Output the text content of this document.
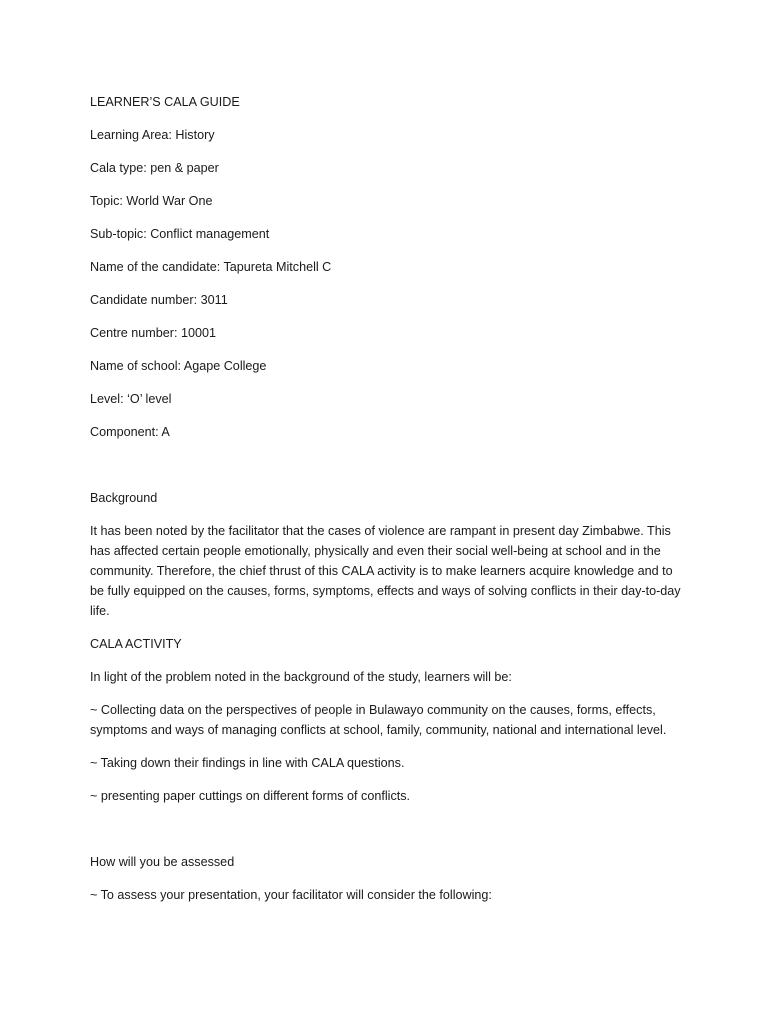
LEARNER’S CALA GUIDE
Learning Area: History
Cala type: pen & paper
Topic: World War One
Sub-topic: Conflict management
Name of the candidate: Tapureta Mitchell C
Candidate number: 3011
Centre number: 10001
Name of school: Agape College
Level: ‘O’ level
Component: A
Background
It has been noted by the facilitator that the cases of violence are rampant in present day Zimbabwe. This has affected certain people emotionally, physically and even their social well-being at school and in the community. Therefore, the chief thrust of this CALA activity is to make learners acquire knowledge and to be fully equipped on the causes, forms, symptoms, effects and ways of solving conflicts in their day-to-day life.
CALA ACTIVITY
In light of the problem noted in the background of the study, learners will be:
~ Collecting data on the perspectives of people in Bulawayo community on the causes, forms, effects, symptoms and ways of managing conflicts at school, family, community, national and international level.
~ Taking down their findings in line with CALA questions.
~ presenting paper cuttings on different forms of conflicts.
How will you be assessed
~ To assess your presentation, your facilitator will consider the following:
